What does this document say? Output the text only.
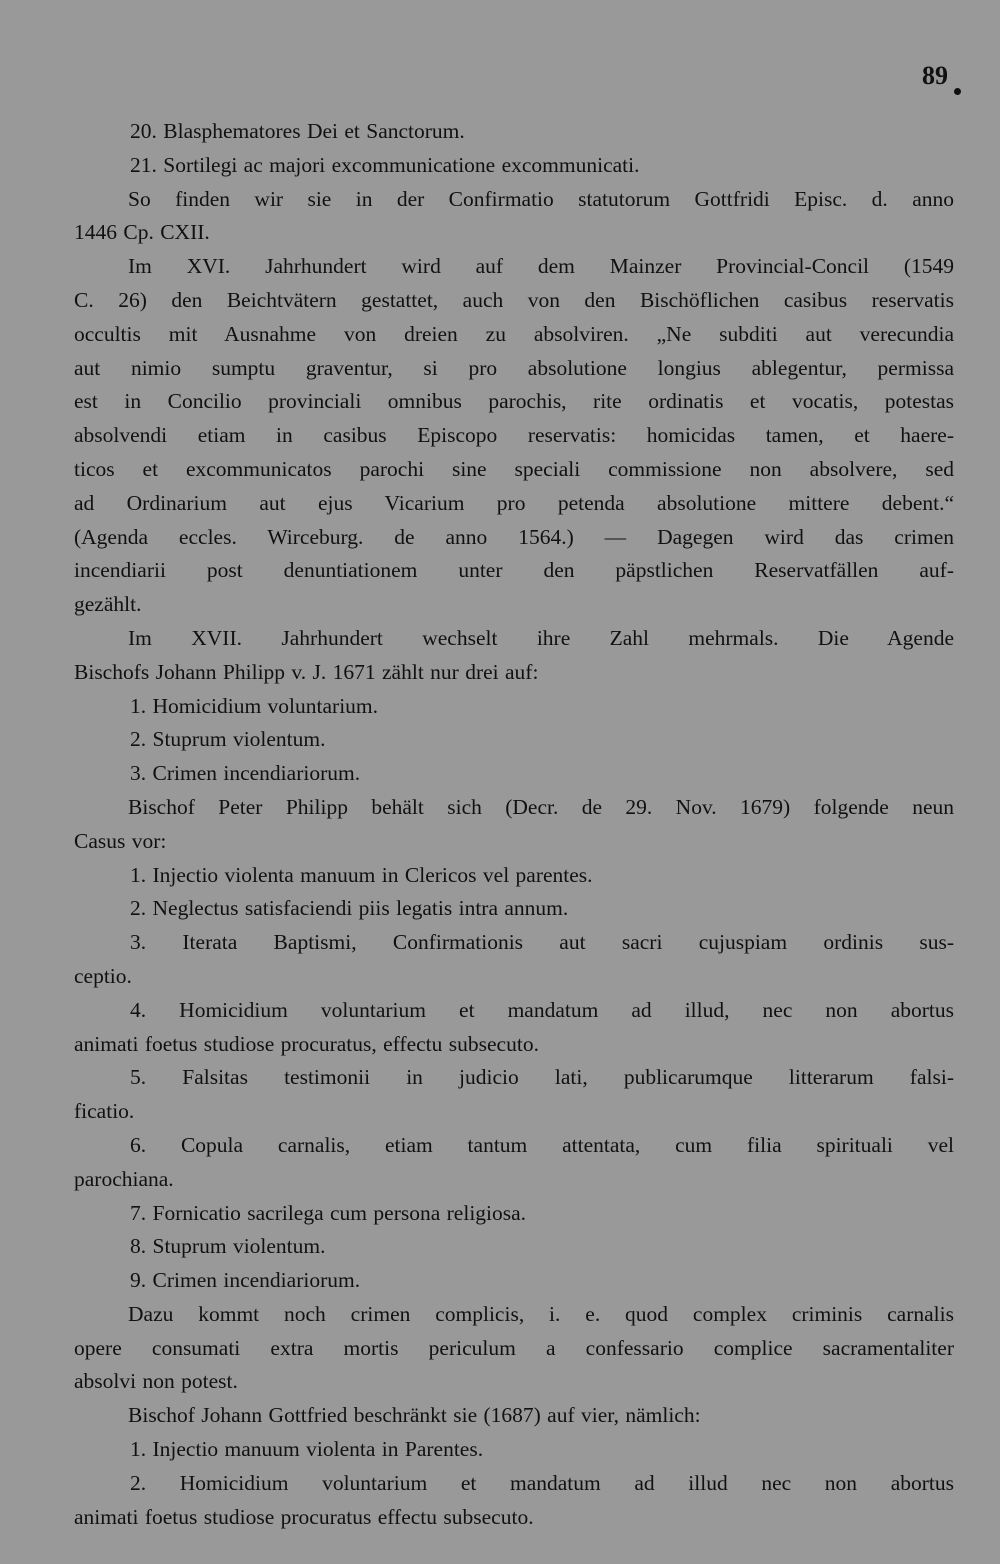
89
20. Blasphematores Dei et Sanctorum.
21. Sortilegi ac majori excommunicatione excommunicati.
So finden wir sie in der Confirmatio statutorum Gottfridi Episc. d. anno
1446 Cp. CXII.
Im XVI. Jahrhundert wird auf dem Mainzer Provincial-Concil (1549
C. 26) den Beichtvätern gestattet, auch von den Bischöflichen casibus reservatis
occultis mit Ausnahme von dreien zu absolviren. „Ne subditi aut verecundia
aut nimio sumptu graventur, si pro absolutione longius ablegentur, permissa
est in Concilio provinciali omnibus parochis, rite ordinatis et vocatis, potestas
absolvendi etiam in casibus Episcopo reservatis: homicidas tamen, et haere-
ticos et excommunicatos parochi sine speciali commissione non absolvere, sed
ad Ordinarium aut ejus Vicarium pro petenda absolutione mittere debent.“
(Agenda eccles. Wirceburg. de anno 1564.) — Dagegen wird das crimen
incendiarii post denuntiationem unter den päpstlichen Reservatfällen auf-
gezählt.
Im XVII. Jahrhundert wechselt ihre Zahl mehrmals. Die Agende
Bischofs Johann Philipp v. J. 1671 zählt nur drei auf:
1. Homicidium voluntarium.
2. Stuprum violentum.
3. Crimen incendiariorum.
Bischof Peter Philipp behält sich (Decr. de 29. Nov. 1679) folgende neun
Casus vor:
1. Injectio violenta manuum in Clericos vel parentes.
2. Neglectus satisfaciendi piis legatis intra annum.
3. Iterata Baptismi, Confirmationis aut sacri cujuspiam ordinis sus-
ceptio.
4. Homicidium voluntarium et mandatum ad illud, nec non abortus
animati foetus studiose procuratus, effectu subsecuto.
5. Falsitas testimonii in judicio lati, publicarumque litterarum falsi-
ficatio.
6. Copula carnalis, etiam tantum attentata, cum filia spirituali vel
parochiana.
7. Fornicatio sacrilega cum persona religiosa.
8. Stuprum violentum.
9. Crimen incendiariorum.
Dazu kommt noch crimen complicis, i. e. quod complex criminis carnalis
opere consumati extra mortis periculum a confessario complice sacramentaliter
absolvi non potest.
Bischof Johann Gottfried beschränkt sie (1687) auf vier, nämlich:
1. Injectio manuum violenta in Parentes.
2. Homicidium voluntarium et mandatum ad illud nec non abortus
animati foetus studiose procuratus effectu subsecuto.
